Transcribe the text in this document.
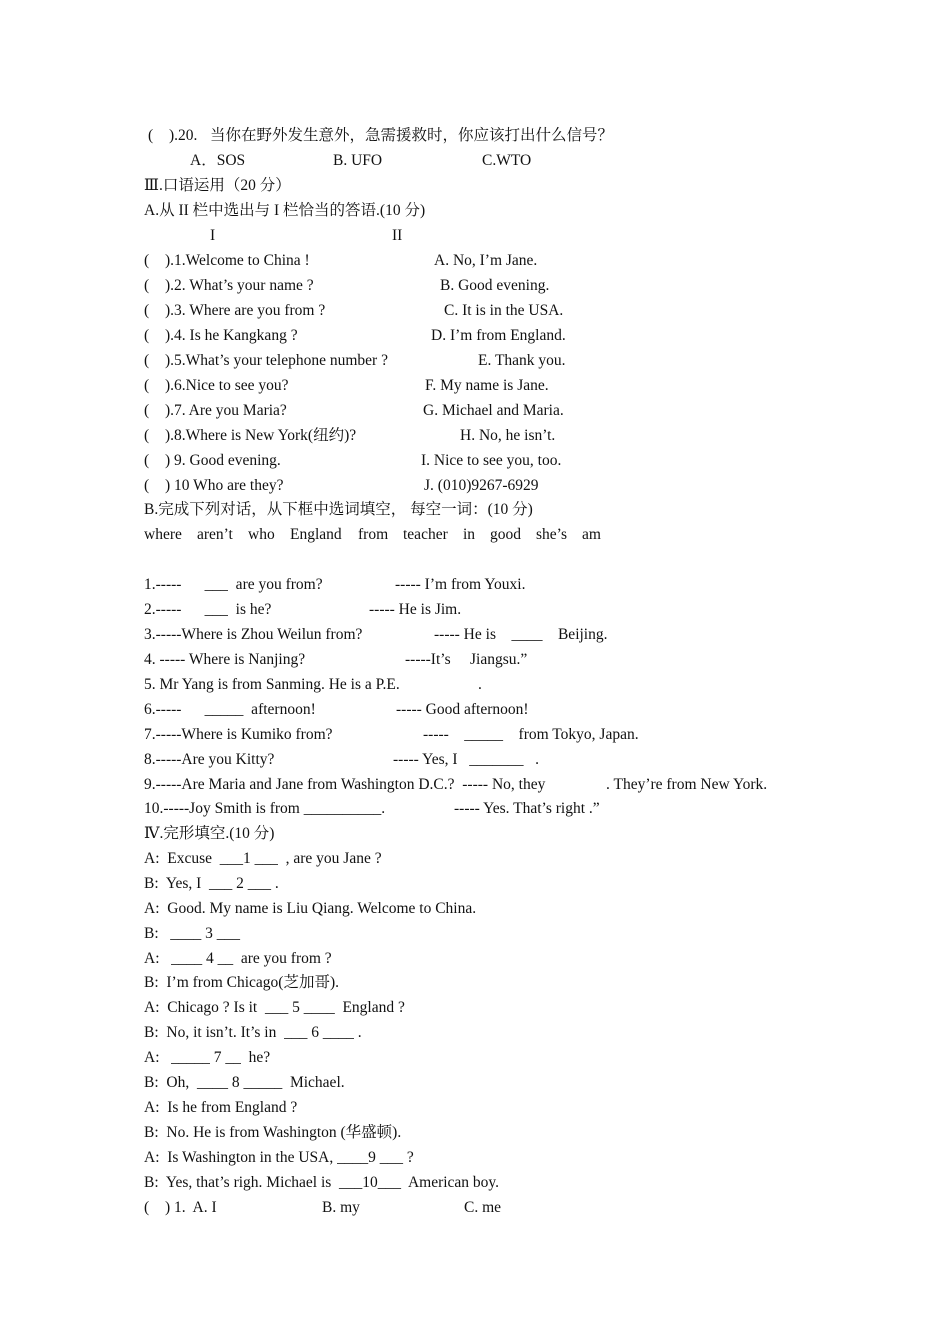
( ).20. 当你在野外发生意外，急需援救时，你应该打出什么信号？
A．SOS	B. UFO	C.WTO
Ⅲ.口语运用（20 分）
A.从 II 栏中选出与 I 栏恰当的答语.(10 分)
I	II
( ).1.Welcome to China !	A. No, I’m Jane.
( ).2. What’s your name ?	B. Good evening.
( ).3. Where are you from ?	C. It is in the USA.
( ).4. Is he Kangkang ?	D. I’m from England.
( ).5.What’s your telephone number ?	E. Thank you.
( ).6.Nice to see you?	F. My name is Jane.
( ).7. Are you Maria?	G. Michael and Maria.
( ).8.Where is New York(纽约)?	H. No, he isn’t.
( ) 9. Good evening.	I. Nice to see you, too.
( ) 10 Who are they?	J. (010)9267-6929
B.完成下列对话，从下框中选词填空， 每空一词：(10 分)
where aren’t who England from teacher in good she’s am
1.-----      ___  are you from?	----- I’m from Youxi.
2.-----      ___  is he?	----- He is Jim.
3.-----Where is Zhou Weilun from?	----- He is    ____    Beijing.
4. ----- Where is Nanjing?	-----It’s     Jiangsu.”
5. Mr Yang is from Sanming. He is a P.E.	.
6.-----      _____  afternoon!	----- Good afternoon!
7.-----Where is Kumiko from?	-----    _____    from Tokyo, Japan.
8.-----Are you Kitty?	----- Yes, I   _______   .
9.-----Are Maria and Jane from Washington D.C.?  ----- No, they	. They’re from New York.
10.-----Joy Smith is from __________.	----- Yes. That’s right .”
Ⅳ.完形填空.(10 分)
A:  Excuse  ___1 ___  , are you Jane ?
B:  Yes, I  ___ 2 ___ .
A:  Good. My name is Liu Qiang. Welcome to China.
B:   ____ 3 ___
A:   ____ 4 __  are you from ?
B:  I’m from Chicago(芝加哥).
A:  Chicago ? Is it  ___ 5 ____  England ?
B:  No, it isn’t. It’s in  ___ 6 ____ .
A:   _____ 7 __  he?
B:  Oh,  ____ 8 _____  Michael.
A:  Is he from England ?
B:  No. He is from Washington (华盛顿).
A:  Is Washington in the USA, ____9 ___ ?
B:  Yes, that’s righ. Michael is  ___10___  American boy.
( ) 1.  A. I	B. my	C. me
